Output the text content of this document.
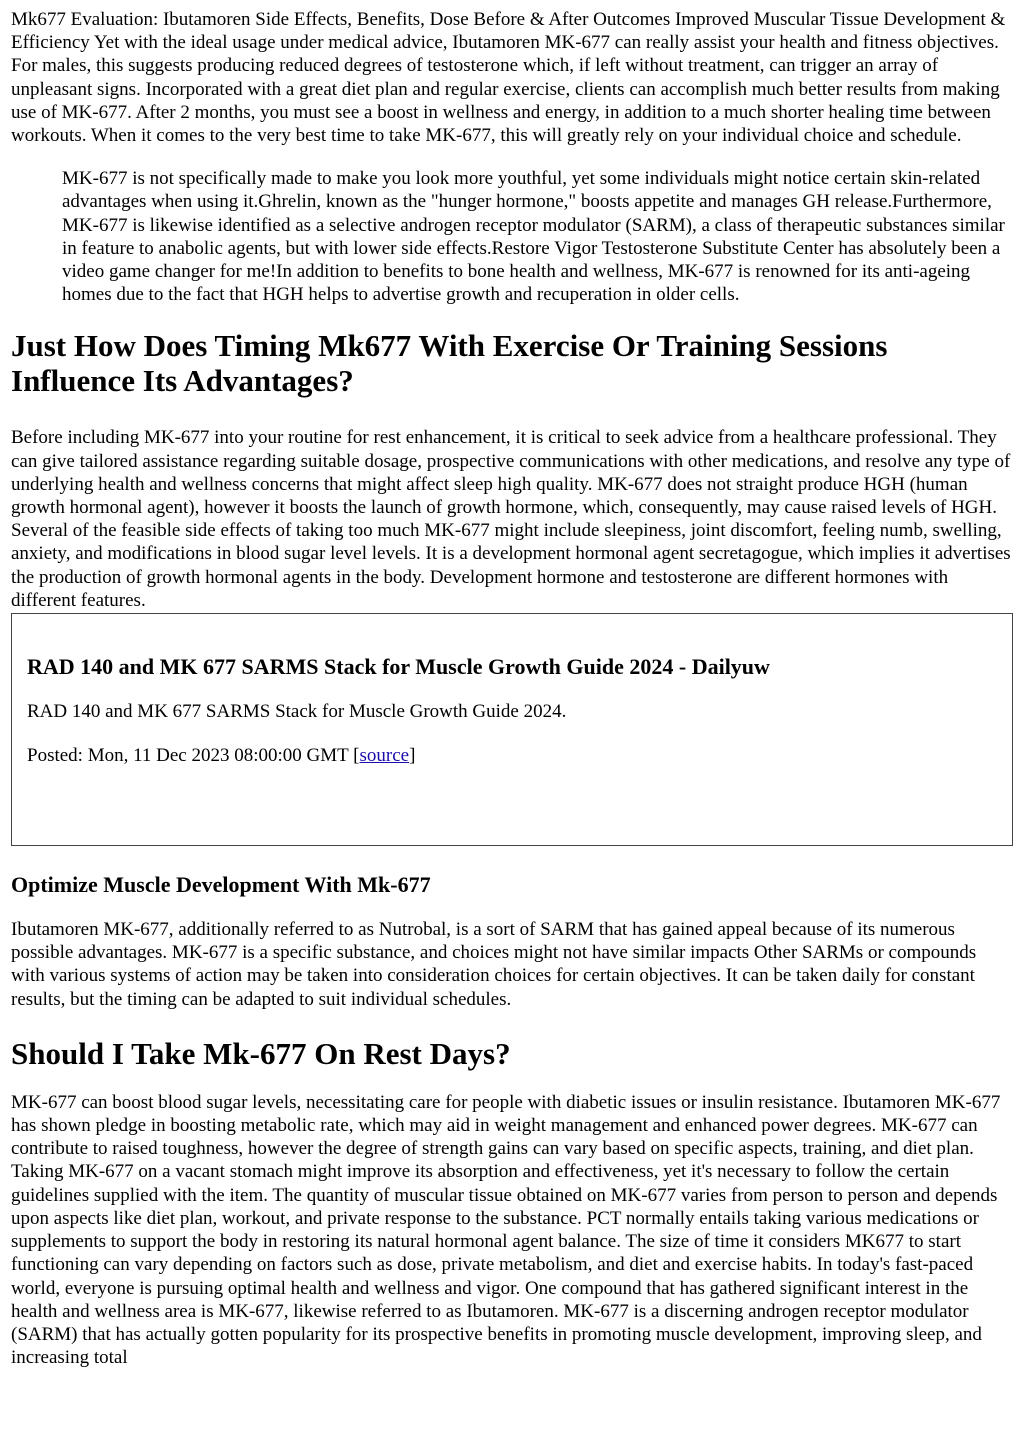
Mk677 Evaluation: Ibutamoren Side Effects, Benefits, Dose Before & After Outcomes Improved Muscular Tissue Development & Efficiency Yet with the ideal usage under medical advice, Ibutamoren MK-677 can really assist your health and fitness objectives. For males, this suggests producing reduced degrees of testosterone which, if left without treatment, can trigger an array of unpleasant signs. Incorporated with a great diet plan and regular exercise, clients can accomplish much better results from making use of MK-677. After 2 months, you must see a boost in wellness and energy, in addition to a much shorter healing time between workouts. When it comes to the very best time to take MK-677, this will greatly rely on your individual choice and schedule.

MK-677 is not specifically made to make you look more youthful, yet some individuals might notice certain skin-related advantages when using it.Ghrelin, known as the "hunger hormone," boosts appetite and manages GH release.Furthermore, MK-677 is likewise identified as a selective androgen receptor modulator (SARM), a class of therapeutic substances similar in feature to anabolic agents, but with lower side effects.Restore Vigor Testosterone Substitute Center has absolutely been a video game changer for me!In addition to benefits to bone health and wellness, MK-677 is renowned for its anti-ageing homes due to the fact that HGH helps to advertise growth and recuperation in older cells.

Just How Does Timing Mk677 With Exercise Or Training Sessions Influence Its Advantages?

Before including MK-677 into your routine for rest enhancement, it is critical to seek advice from a healthcare professional. They can give tailored assistance regarding suitable dosage, prospective communications with other medications, and resolve any type of underlying health and wellness concerns that might affect sleep high quality. MK-677 does not straight produce HGH (human growth hormonal agent), however it boosts the launch of growth hormone, which, consequently, may cause raised levels of HGH. Several of the feasible side effects of taking too much MK-677 might include sleepiness, joint discomfort, feeling numb, swelling, anxiety, and modifications in blood sugar level levels. It is a development hormonal agent secretagogue, which implies it advertises the production of growth hormonal agents in the body. Development hormone and testosterone are different hormones with different features.

RAD 140 and MK 677 SARMS Stack for Muscle Growth Guide 2024 - Dailyuw

RAD 140 and MK 677 SARMS Stack for Muscle Growth Guide 2024.

Posted: Mon, 11 Dec 2023 08:00:00 GMT [source]

Optimize Muscle Development With Mk-677

Ibutamoren MK-677, additionally referred to as Nutrobal, is a sort of SARM that has gained appeal because of its numerous possible advantages. MK-677 is a specific substance, and choices might not have similar impacts Other SARMs or compounds with various systems of action may be taken into consideration choices for certain objectives. It can be taken daily for constant results, but the timing can be adapted to suit individual schedules.

Should I Take Mk-677 On Rest Days?

MK-677 can boost blood sugar levels, necessitating care for people with diabetic issues or insulin resistance. Ibutamoren MK-677 has shown pledge in boosting metabolic rate, which may aid in weight management and enhanced power degrees. MK-677 can contribute to raised toughness, however the degree of strength gains can vary based on specific aspects, training, and diet plan. Taking MK-677 on a vacant stomach might improve its absorption and effectiveness, yet it's necessary to follow the certain guidelines supplied with the item. The quantity of muscular tissue obtained on MK-677 varies from person to person and depends upon aspects like diet plan, workout, and private response to the substance. PCT normally entails taking various medications or supplements to support the body in restoring its natural hormonal agent balance. The size of time it considers MK677 to start functioning can vary depending on factors such as dose, private metabolism, and diet and exercise habits. In today's fast-paced world, everyone is pursuing optimal health and wellness and vigor. One compound that has gathered significant interest in the health and wellness area is MK-677, likewise referred to as Ibutamoren. MK-677 is a discerning androgen receptor modulator (SARM) that has actually gotten popularity for its prospective benefits in promoting muscle development, improving sleep, and increasing total
